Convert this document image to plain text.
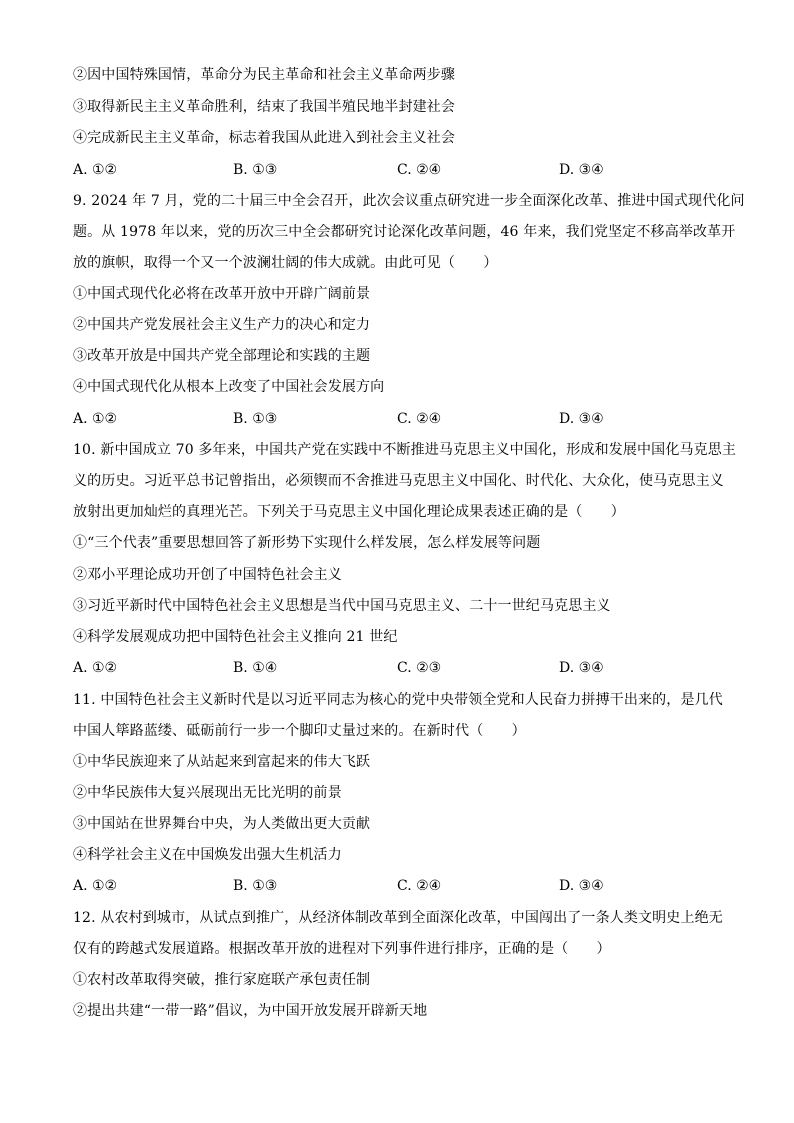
②因中国特殊国情，革命分为民主革命和社会主义革命两步骤
③取得新民主主义革命胜利，结束了我国半殖民地半封建社会
④完成新民主主义革命，标志着我国从此进入到社会主义社会
A. ①②	B. ①③	C. ②④	D. ③④
9. 2024 年 7 月，党的二十届三中全会召开，此次会议重点研究进一步全面深化改革、推进中国式现代化问
题。从 1978 年以来，党的历次三中全会都研究讨论深化改革问题，46 年来，我们党坚定不移高举改革开
放的旗帜，取得一个又一个波澜壮阔的伟大成就。由此可见（　　）
①中国式现代化必将在改革开放中开辟广阔前景
②中国共产党发展社会主义生产力的决心和定力
③改革开放是中国共产党全部理论和实践的主题
④中国式现代化从根本上改变了中国社会发展方向
A. ①②	B. ①③	C. ②④	D. ③④
10. 新中国成立 70 多年来，中国共产党在实践中不断推进马克思主义中国化，形成和发展中国化马克思主
义的历史。习近平总书记曾指出，必须锲而不舍推进马克思主义中国化、时代化、大众化，使马克思主义
放射出更加灿烂的真理光芒。下列关于马克思主义中国化理论成果表述正确的是（　　）
①“三个代表”重要思想回答了新形势下实现什么样发展，怎么样发展等问题
②邓小平理论成功开创了中国特色社会主义
③习近平新时代中国特色社会主义思想是当代中国马克思主义、二十一世纪马克思主义
④科学发展观成功把中国特色社会主义推向 21 世纪
A. ①②	B. ①④	C. ②③	D. ③④
11. 中国特色社会主义新时代是以习近平同志为核心的党中央带领全党和人民奋力拼搏干出来的，是几代
中国人筚路蓝缕、砥砺前行一步一个脚印丈量过来的。在新时代（　　）
①中华民族迎来了从站起来到富起来的伟大飞跃
②中华民族伟大复兴展现出无比光明的前景
③中国站在世界舞台中央，为人类做出更大贡献
④科学社会主义在中国焕发出强大生机活力
A. ①②	B. ①③	C. ②④	D. ③④
12. 从农村到城市，从试点到推广，从经济体制改革到全面深化改革，中国闯出了一条人类文明史上绝无
仅有的跨越式发展道路。根据改革开放的进程对下列事件进行排序，正确的是（　　）
①农村改革取得突破，推行家庭联产承包责任制
②提出共建“一带一路”倡议，为中国开放发展开辟新天地
